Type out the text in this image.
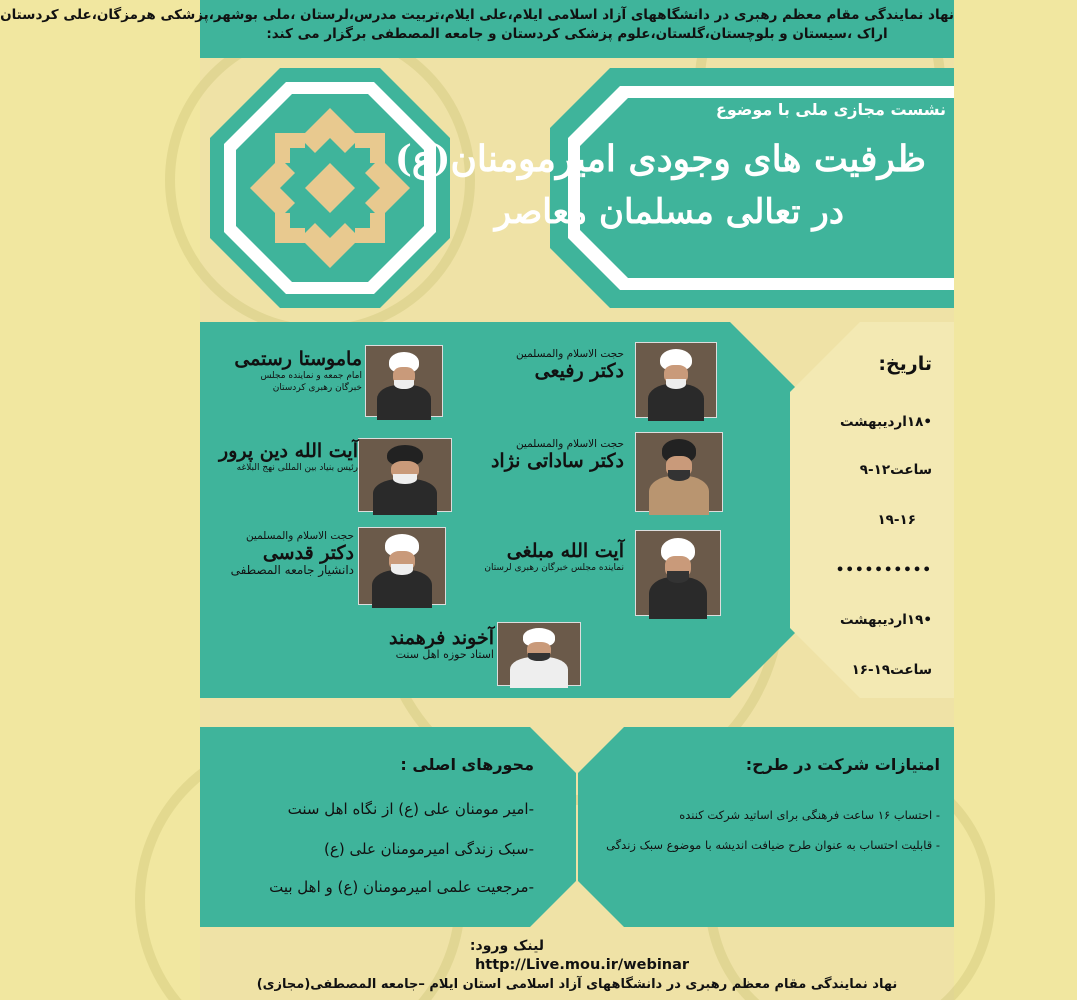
نهاد نمایندگی مقام معظم رهبری در دانشگاههای آزاد اسلامی ایلام،علی ایلام،تربیت مدرس،لرستان ،ملی بوشهر،پزشکی هرمزگان،علی کردستان
اراک ،سیستان و بلوچستان،گلستان،علوم پزشکی کردستان و جامعه المصطفی برگزار می کند:
نشست مجازی ملی با موضوع
ظرفیت های وجودی امیرمومنان(ع)
در تعالی مسلمان معاصر
ماموستا رستمی
امام جمعه و نماینده مجلس
خبرگان رهبری کردستان
حجت الاسلام والمسلمین
دکتر رفیعی
آیت الله دین پرور
رئیس بنیاد بین المللی نهج البلاغه
حجت الاسلام والمسلمین
دکتر ساداتی نژاد
حجت الاسلام والمسلمین
دکتر قدسی
دانشیار جامعه المصطفی
آیت الله مبلغی
نماینده مجلس خبرگان رهبری لرستان
آخوند فرهمند
استاد حوزه اهل سنت
تاریخ:
•۱۸اردیبهشت
ساعت۱۲-۹
۱۹-۱۶
••••••••••
•۱۹اردیبهشت
ساعت۱۹-۱۶
محورهای اصلی :
-امیر مومنان علی (ع) از نگاه اهل سنت
-سبک زندگی امیرمومنان علی (ع)
-مرجعیت علمی امیرمومنان (ع) و اهل بیت
امتیازات شرکت در طرح:
- احتساب ۱۶ ساعت فرهنگی برای اساتید شرکت کننده
- قابلیت احتساب به عنوان طرح ضیافت اندیشه با موضوع سبک زندگی
لینک ورود:
http://Live.mou.ir/webinar
نهاد نمایندگی مقام معظم رهبری در دانشگاههای آزاد اسلامی استان ایلام –جامعه المصطفی(مجازی)
